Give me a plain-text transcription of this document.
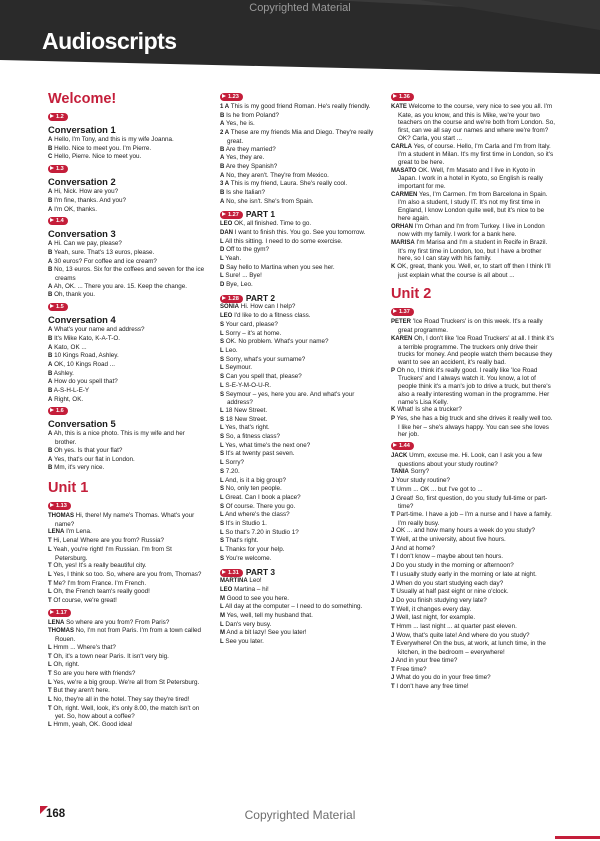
Audioscripts
Copyrighted Material
Welcome!
1.2
Conversation 1
A Hello, I'm Tony, and this is my wife Joanna.
B Hello. Nice to meet you. I'm Pierre.
C Hello, Pierre. Nice to meet you.
1.3
Conversation 2
A Hi, Nick. How are you?
B I'm fine, thanks. And you?
A I'm OK, thanks.
1.4
Conversation 3
A Hi. Can we pay, please?
B Yeah, sure. That's 13 euros, please.
A 30 euros? For coffee and ice cream?
B No, 13 euros. Six for the coffees and seven for the ice creams
A Ah, OK. ... There you are. 15. Keep the change.
B Oh, thank you.
1.5
Conversation 4
A What's your name and address?
B It's Mike Kato, K-A-T-O.
A Kato, OK ...
B 10 Kings Road, Ashley.
A OK, 10 Kings Road ...
B Ashley.
A How do you spell that?
B A-S-H-L-E-Y
A Right, OK.
1.6
Conversation 5
A Ah, this is a nice photo. This is my wife and her brother.
B Oh yes. Is that your flat?
A Yes, that's our flat in London.
B Mm, it's very nice.
Unit 1
1.13
THOMAS Hi, there! My name's Thomas. What's your name?
LENA I'm Lena.
T Hi, Lena! Where are you from? Russia?
L Yeah, you're right! I'm Russian. I'm from St Petersburg.
T Oh, yes! It's a really beautiful city.
L Yes, I think so too. So, where are you from, Thomas?
T Me? I'm from France. I'm French.
L Oh, the French team's really good!
T Of course, we're great!
1.17
LENA So where are you from? From Paris?
THOMAS No, I'm not from Paris. I'm from a town called Rouen.
L Hmm ... Where's that?
T Oh, it's a town near Paris. It isn't very big.
L Oh, right.
T So are you here with friends?
L Yes, we're a big group. We're all from St Petersburg.
T But they aren't here.
L No, they're all in the hotel. They say they're tired!
T Oh, right. Well, look, it's only 8.00, the match isn't on yet. So, how about a coffee?
L Hmm, yeah, OK. Good idea!
1.23
1 A This is my good friend Roman. He's really friendly.
B Is he from Poland?
A Yes, he is.
2 A These are my friends Mia and Diego. They're really great.
B Are they married?
A Yes, they are.
B Are they Spanish?
A No, they aren't. They're from Mexico.
3 A This is my friend, Laura. She's really cool.
B Is she Italian?
A No, she isn't. She's from Spain.
1.27 PART 1
LEO OK, all finished. Time to go.
DAN I want to finish this. You go. See you tomorrow.
L All this sitting. I need to do some exercise.
D Off to the gym?
L Yeah.
D Say hello to Martina when you see her.
L Sure! ... Bye!
D Bye, Leo.
1.28 PART 2
SONIA Hi. How can I help?
LEO I'd like to do a fitness class.
S Your card, please?
L Sorry – it's at home.
S OK. No problem. What's your name?
L Leo.
S Sorry, what's your surname?
L Seymour.
S Can you spell that, please?
L S-E-Y-M-O-U-R.
S Seymour – yes, here you are. And what's your address?
L 18 New Street.
S 18 New Street.
L Yes, that's right.
S So, a fitness class?
L Yes, what time's the next one?
S It's at twenty past seven.
L Sorry?
S 7.20.
L And, is it a big group?
S No, only ten people.
L Great. Can I book a place?
S Of course. There you go.
L And where's the class?
S It's in Studio 1.
L So that's 7.20 in Studio 1?
S That's right.
L Thanks for your help.
S You're welcome.
1.31 PART 3
MARTINA Leo!
LEO Martina – hi!
M Good to see you here.
L All day at the computer – I need to do something.
M Yes, well, tell my husband that.
L Dan's very busy.
M And a bit lazy! See you later!
L See you later.
1.36
KATE Welcome to the course, very nice to see you all. I'm Kate, as you know, and this is Mike, we're your two teachers on the course and we're both from London. So, first, can we all say our names and where we're from? OK? Carla, you start ...
CARLA Yes, of course. Hello, I'm Carla and I'm from Italy. I'm a student in Milan. It's my first time in London, so it's great to be here.
MASATO OK. Well, I'm Masato and I live in Kyoto in Japan. I work in a hotel in Kyoto, so English is really important for me.
CARMEN Yes, I'm Carmen. I'm from Barcelona in Spain. I'm also a student, I study IT. It's not my first time in England, I know London quite well, but it's nice to be here again.
ORHAN I'm Orhan and I'm from Turkey. I live in London now with my family. I work for a bank here.
MARISA I'm Marisa and I'm a student in Recife in Brazil. It's my first time in London, too, but I have a brother here, so I can stay with his family.
K OK, great, thank you. Well, er, to start off then I think I'll just explain what the course is all about ...
Unit 2
1.37
PETER 'Ice Road Truckers' is on this week. It's a really great programme.
KAREN Oh, I don't like 'Ice Road Truckers' at all. I think it's a terrible programme. The truckers only drive their trucks for money. And people watch them because they want to see an accident, it's really bad.
P Oh no, I think it's really good. I really like 'Ice Road Truckers' and I always watch it. You know, a lot of people think it's a man's job to drive a truck, but there's also a really interesting woman in the programme. Her name's Lisa Kelly.
K What! Is she a trucker?
P Yes, she has a big truck and she drives it really well too. I like her – she's always happy. You can see she loves her job.
1.44
JACK Umm, excuse me. Hi. Look, can I ask you a few questions about your study routine?
TANIA Sorry?
J Your study routine?
T Umm ... OK ... but I've got to ...
J Great! So, first question, do you study full-time or part-time?
T Part-time. I have a job – I'm a nurse and I have a family. I'm really busy.
J OK ... and how many hours a week do you study?
T Well, at the university, about five hours.
J And at home?
T I don't know – maybe about ten hours.
J Do you study in the morning or afternoon?
T I usually study early in the morning or late at night.
J When do you start studying each day?
T Usually at half past eight or nine o'clock.
J Do you finish studying very late?
T Well, it changes every day.
J Well, last night, for example.
T Hmm ... last night ... at quarter past eleven.
J Wow, that's quite late! And where do you study?
T Everywhere! On the bus, at work, at lunch time, in the kitchen, in the bedroom – everywhere!
J And in your free time?
T Free time?
J What do you do in your free time?
T I don't have any free time!
168	Copyrighted Material
